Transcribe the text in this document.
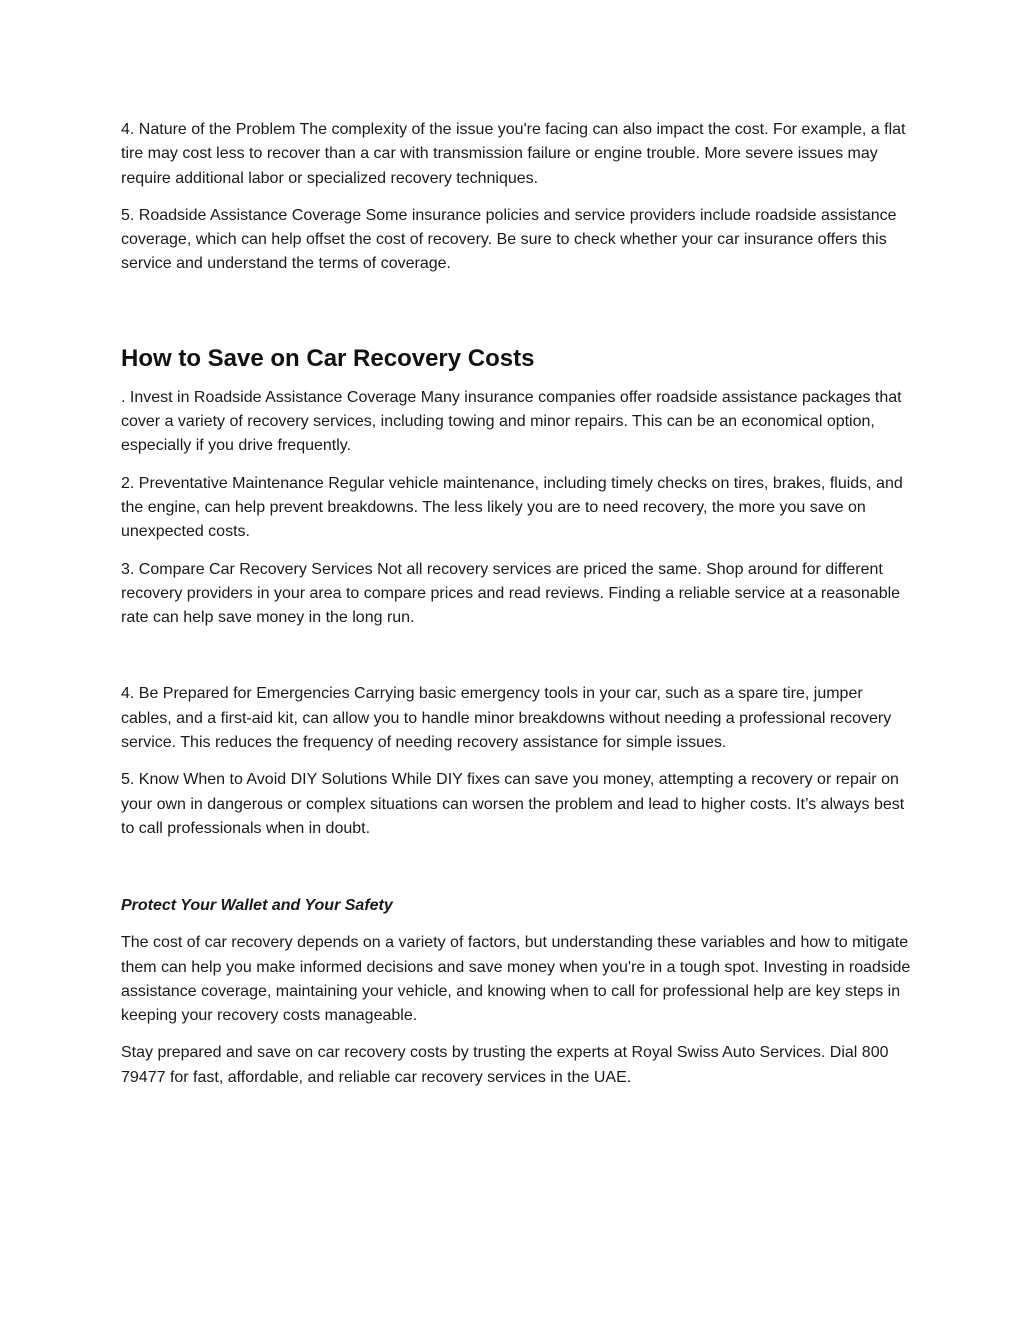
4. Nature of the Problem The complexity of the issue you're facing can also impact the cost. For example, a flat tire may cost less to recover than a car with transmission failure or engine trouble. More severe issues may require additional labor or specialized recovery techniques.

5. Roadside Assistance Coverage Some insurance policies and service providers include roadside assistance coverage, which can help offset the cost of recovery. Be sure to check whether your car insurance offers this service and understand the terms of coverage.

How to Save on Car Recovery Costs

. Invest in Roadside Assistance Coverage Many insurance companies offer roadside assistance packages that cover a variety of recovery services, including towing and minor repairs. This can be an economical option, especially if you drive frequently.

2. Preventative Maintenance Regular vehicle maintenance, including timely checks on tires, brakes, fluids, and the engine, can help prevent breakdowns. The less likely you are to need recovery, the more you save on unexpected costs.

3. Compare Car Recovery Services Not all recovery services are priced the same. Shop around for different recovery providers in your area to compare prices and read reviews. Finding a reliable service at a reasonable rate can help save money in the long run.

4. Be Prepared for Emergencies Carrying basic emergency tools in your car, such as a spare tire, jumper cables, and a first-aid kit, can allow you to handle minor breakdowns without needing a professional recovery service. This reduces the frequency of needing recovery assistance for simple issues.

5. Know When to Avoid DIY Solutions While DIY fixes can save you money, attempting a recovery or repair on your own in dangerous or complex situations can worsen the problem and lead to higher costs. It’s always best to call professionals when in doubt.

Protect Your Wallet and Your Safety

The cost of car recovery depends on a variety of factors, but understanding these variables and how to mitigate them can help you make informed decisions and save money when you're in a tough spot. Investing in roadside assistance coverage, maintaining your vehicle, and knowing when to call for professional help are key steps in keeping your recovery costs manageable.

Stay prepared and save on car recovery costs by trusting the experts at Royal Swiss Auto Services. Dial 800 79477 for fast, affordable, and reliable car recovery services in the UAE.
